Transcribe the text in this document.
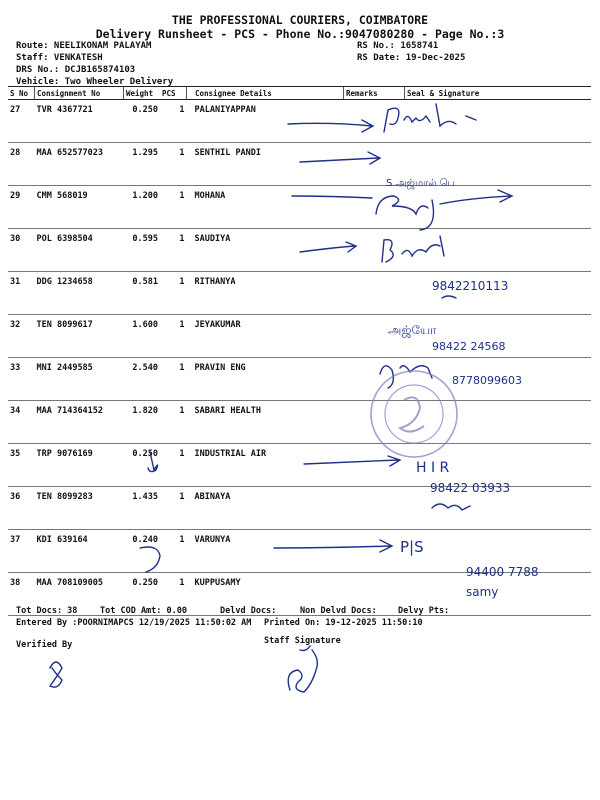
THE PROFESSIONAL COURIERS, COIMBATORE
Delivery Runsheet - PCS - Phone No.:9047080280 - Page No.:3
Route: NEELIKONAM PALAYAM
Staff: VENKATESH
DRS No.: DCJB165874103
Vehicle: Two Wheeler Delivery
RS No.: 1658741
RS Date: 19-Dec-2025
S No	Consignment No	Weight	PCS	Consignee Details	Remarks	Seal & Signature
27	TVR 4367721	0.250	1	PALANIYAPPAN		
28	MAA 652577023	1.295	1	SENTHIL PANDI		
29	CMM 568019	1.200	1	MOHANA		
30	POL 6398504	0.595	1	SAUDIYA		
31	DDG 1234658	0.581	1	RITHANYA		
32	TEN 8099617	1.600	1	JEYAKUMAR		
33	MNI 2449585	2.540	1	PRAVIN ENG		
34	MAA 714364152	1.820	1	SABARI HEALTH		
35	TRP 9076169	0.250	1	INDUSTRIAL AIR		
36	TEN 8099283	1.435	1	ABINAYA		
37	KDI 639164	0.240	1	VARUNYA		
38	MAA 708109005	0.250	1	KUPPUSAMY		
Tot Docs: 38	Tot COD Amt: 0.00	Delvd Docs:	Non Delvd Docs: Delvy Pts:
Entered By :POORNIMAPCS 12/19/2025 11:50:02 AM Printed On: 19-12-2025 11:50:10
Verified By	Staff Signature
S.அஜ்மால் பெ
9842210113
அஜ்யோ
98422 24568
8778099603
H I R
98422 03933
P|S
94400 7788
samy
